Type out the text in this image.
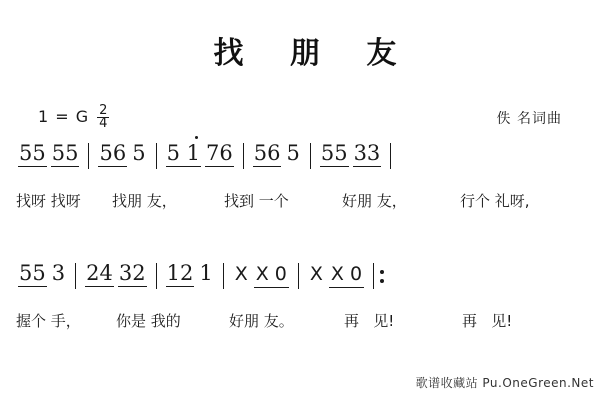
找 朋 友
1 = G $\frac{2}{4}$	佚 名词曲
55 55 56 5 5 1 76 56 5 55 33
找呀 找呀	找朋 友，	找到 一个	好朋 友，	行个 礼呀,
55 3 24 32 12 1 X X 0 X X 0
握个 手，	你是 我的	好朋 友。	再   见!	再   见!
歌谱收藏站 Pu.OneGreen.Net
